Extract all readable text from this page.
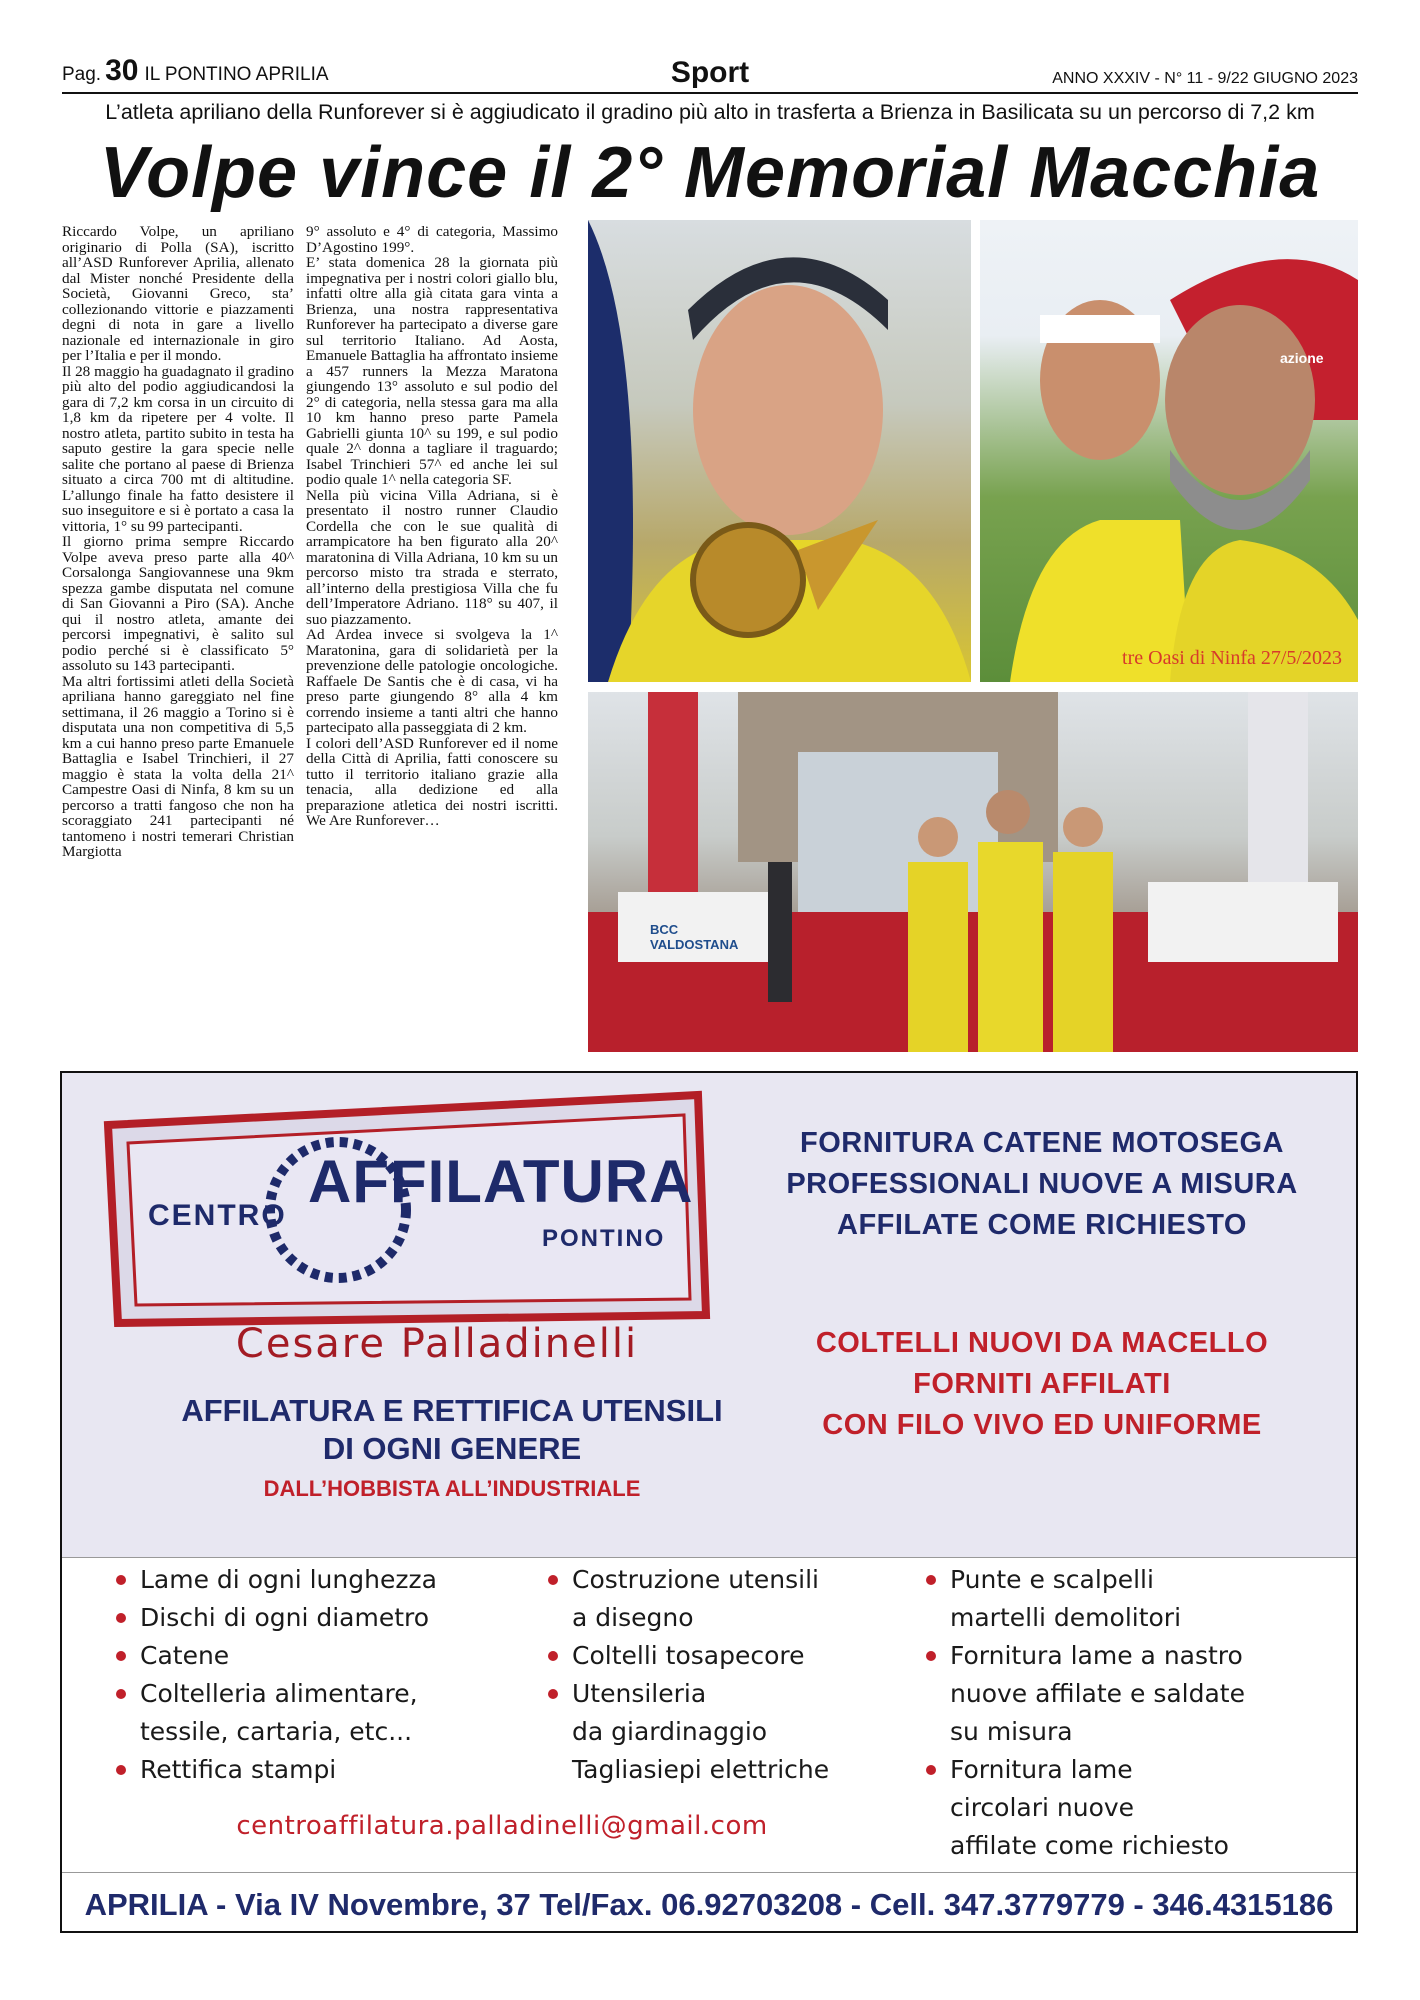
Pag. 30 IL PONTINO APRILIA	Sport	ANNO XXXIV - N° 11 - 9/22 GIUGNO 2023
L’atleta apriliano della Runforever si è aggiudicato il gradino più alto in trasferta a Brienza in Basilicata su un percorso di 7,2 km
Volpe vince il 2° Memorial Macchia

Riccardo Volpe, un apriliano originario di Polla (SA), iscritto all’ASD Runforever Aprilia, allenato dal Mister nonché Presidente della Società, Giovanni Greco, sta’ collezionando vittorie e piazzamenti degni di nota in gare a livello nazionale ed internazionale in giro per l’Italia e per il mondo.

Il 28 maggio ha guadagnato il gradino più alto del podio aggiudicandosi la gara di 7,2 km corsa in un circuito di 1,8 km da ripetere per 4 volte. Il nostro atleta, partito subito in testa ha saputo gestire la gara specie nelle salite che portano al paese di Brienza situato a circa 700 mt di altitudine. L’allungo finale ha fatto desistere il suo inseguitore e si è portato a casa la vittoria, 1° su 99 partecipanti.

Il giorno prima sempre Riccardo Volpe aveva preso parte alla 40^ Corsalonga Sangiovannese una 9km spezza gambe disputata nel comune di San Giovanni a Piro (SA). Anche qui il nostro atleta, amante dei percorsi impegnativi, è salito sul podio perché si è classificato 5° assoluto su 143 partecipanti.

Ma altri fortissimi atleti della Società apriliana hanno gareggiato nel fine settimana, il 26 maggio a Torino si è disputata una non competitiva di 5,5 km a cui hanno preso parte Emanuele Battaglia e Isabel Trinchieri, il 27 maggio è stata la volta della 21^ Campestre Oasi di Ninfa, 8 km su un percorso a tratti fangoso che non ha scoraggiato 241 partecipanti né tantomeno i nostri temerari Christian Margiotta

9° assoluto e 4° di categoria, Massimo D’Agostino 199°.

E’ stata domenica 28 la giornata più impegnativa per i nostri colori giallo blu, infatti oltre alla già citata gara vinta a Brienza, una nostra rappresentativa Runforever ha partecipato a diverse gare sul territorio Italiano. Ad Aosta, Emanuele Battaglia ha affrontato insieme a 457 runners la Mezza Maratona giungendo 13° assoluto e sul podio del 2° di categoria, nella stessa gara ma alla 10 km hanno preso parte Pamela Gabrielli giunta 10^ su 199, e sul podio quale 2^ donna a tagliare il traguardo; Isabel Trinchieri 57^ ed anche lei sul podio quale 1^ nella categoria SF.

Nella più vicina Villa Adriana, si è presentato il nostro runner Claudio Cordella che con le sue qualità di arrampicatore ha ben figurato alla 20^ maratonina di Villa Adriana, 10 km su un percorso misto tra strada e sterrato, all’interno della prestigiosa Villa che fu dell’Imperatore Adriano. 118° su 407, il suo piazzamento.

Ad Ardea invece si svolgeva la 1^ Maratonina, gara di solidarietà per la prevenzione delle patologie oncologiche. Raffaele De Santis che è di casa, vi ha preso parte giungendo 8° alla 4 km correndo insieme a tanti altri che hanno partecipato alla passeggiata di 2 km.

I colori dell’ASD Runforever ed il nome della Città di Aprilia, fatti conoscere su tutto il territorio italiano grazie alla tenacia, alla dedizione ed alla preparazione atletica dei nostri iscritti. We Are Runforever…

tre Oasi di Ninfa 27/5/2023
azione
BCC VALDOSTANA
CENTRO
AFFILATURA
PONTINO
Cesare Palladinelli
AFFILATURA E RETTIFICA UTENSILI
DI OGNI GENERE
DALL’HOBBISTA ALL’INDUSTRIALE
FORNITURA CATENE MOTOSEGA
PROFESSIONALI NUOVE A MISURA
AFFILATE COME RICHIESTO
COLTELLI NUOVI DA MACELLO
FORNITI AFFILATI
CON FILO VIVO ED UNIFORME
Lame di ogni lunghezza
Dischi di ogni diametro
Catene
Coltelleria alimentare,
tessile, cartaria, etc...
Rettifica stampi
Costruzione utensili
a disegno
Coltelli tosapecore
Utensileria
da giardinaggio
Tagliasiepi elettriche
Punte e scalpelli
martelli demolitori
Fornitura lame a nastro
nuove affilate e saldate
su misura
Fornitura lame
circolari nuove
affilate come richiesto
centroaffilatura.palladinelli@gmail.com
APRILIA - Via IV Novembre, 37 Tel/Fax. 06.92703208 - Cell. 347.3779779 - 346.4315186
